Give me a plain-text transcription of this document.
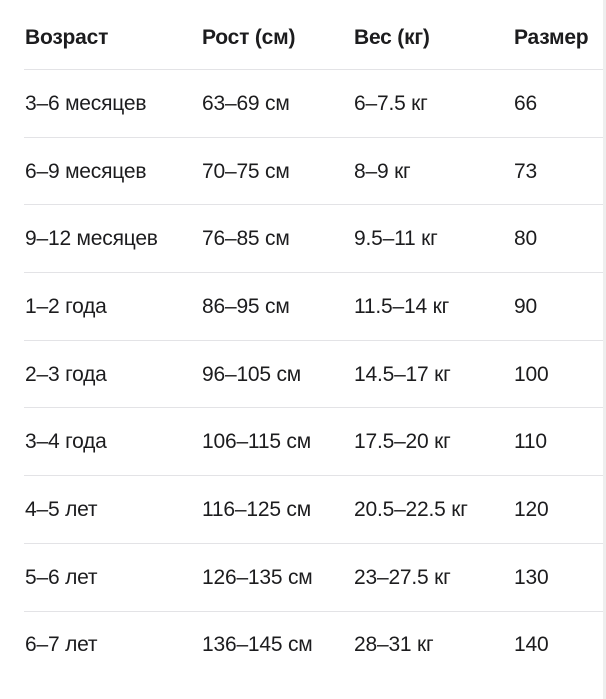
Возраст	Рост (см)	Вес (кг)	Размер
3–6 месяцев	63–69 см	6–7.5 кг	66
6–9 месяцев	70–75 см	8–9 кг	73
9–12 месяцев 76–85 см	9.5–11 кг	80
1–2 года	86–95 см	11.5–14 кг	90
2–3 года	96–105 см	14.5–17 кг	100
3–4 года	106–115 см 17.5–20 кг	110
4–5 лет	116–125 см 20.5–22.5 кг 120
5–6 лет	126–135 см 23–27.5 кг	130
6–7 лет	136–145 см 28–31 кг	140
